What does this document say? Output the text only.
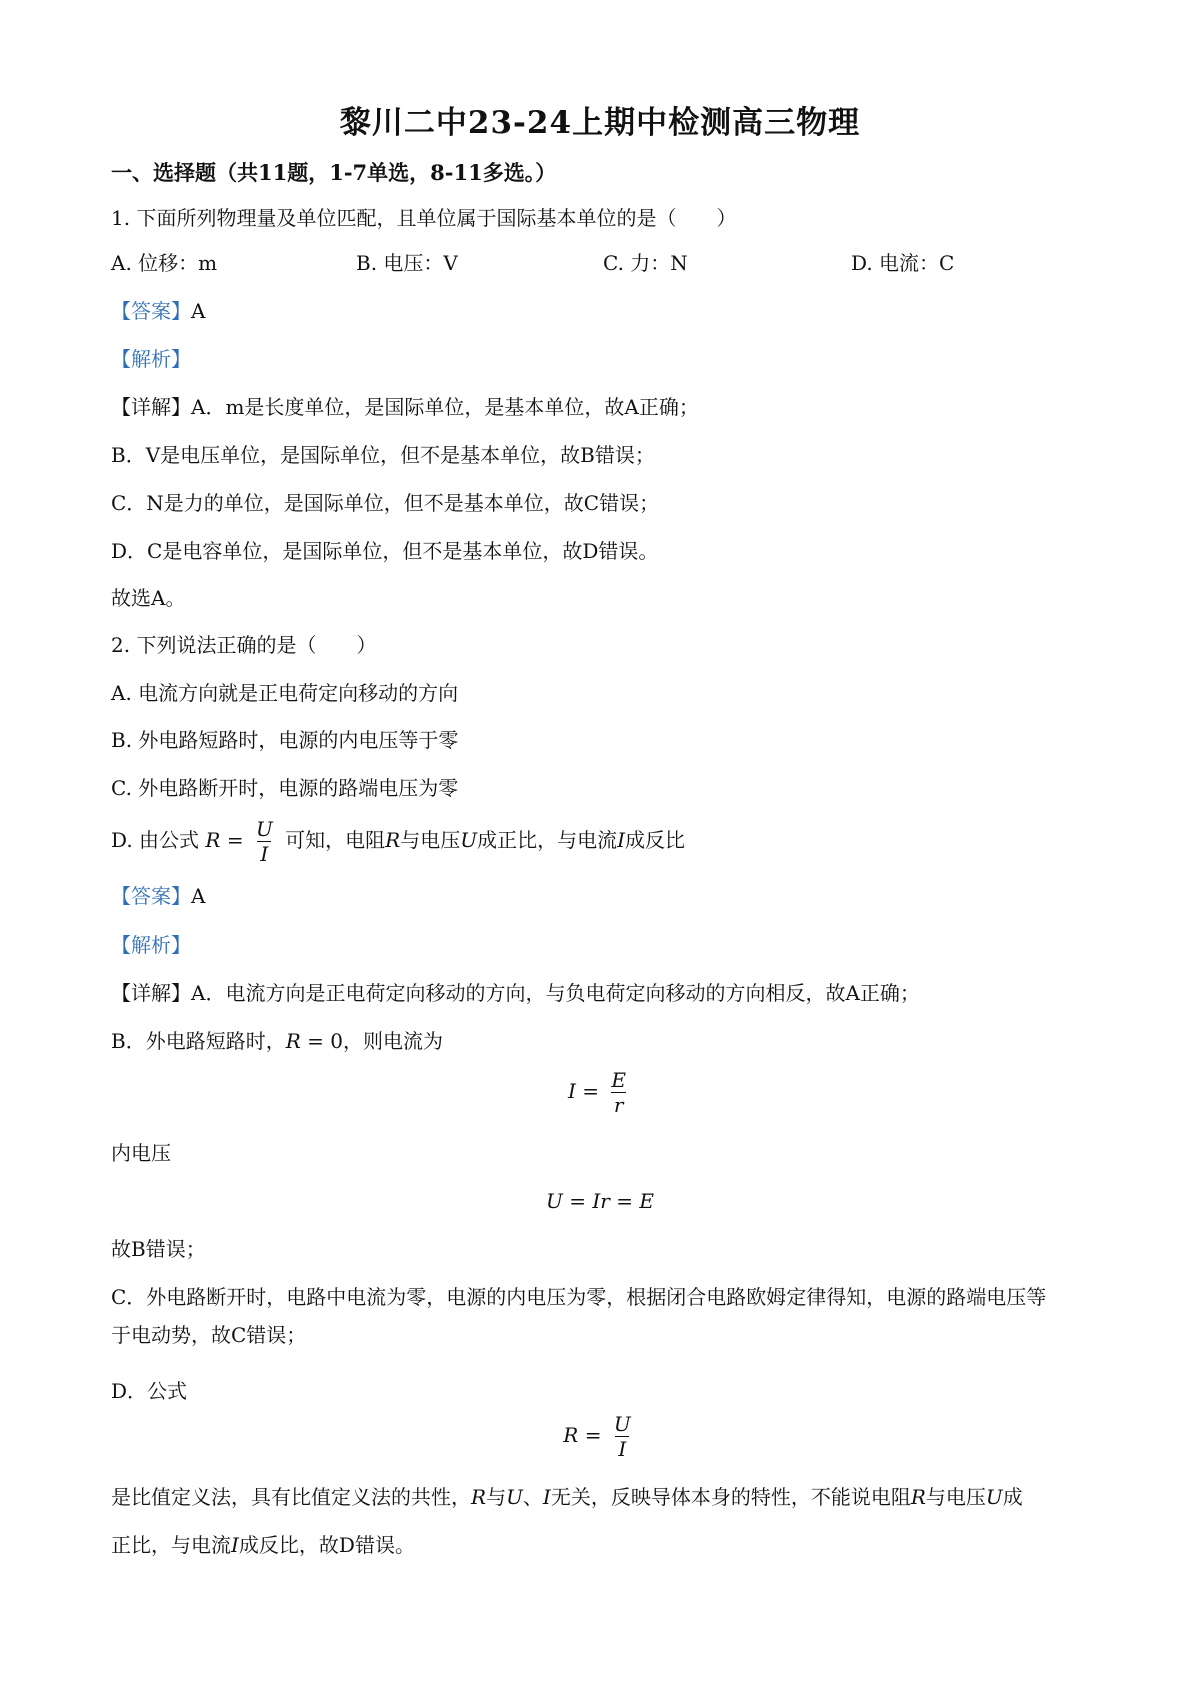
黎川二中23-24上期中检测高三物理

一、选择题（共11题，1-7单选，8-11多选。）

1. 下面所列物理量及单位匹配，且单位属于国际基本单位的是（　　）

A. 位移：m	B. 电压：V	C. 力：N	D. 电流：C

【答案】A

【解析】

【详解】A．m是长度单位，是国际单位，是基本单位，故A正确；

B．V是电压单位，是国际单位，但不是基本单位，故B错误；

C．N是力的单位，是国际单位，但不是基本单位，故C错误；

D．C是电容单位，是国际单位，但不是基本单位，故D错误。

故选A。

2. 下列说法正确的是（　　）

A. 电流方向就是正电荷定向移动的方向

B. 外电路短路时，电源的内电压等于零

C. 外电路断开时，电源的路端电压为零

D. 由公式 $R = \frac{U}{I}$ 可知，电阻R与电压U成正比，与电流I成反比

【答案】A

【解析】

【详解】A．电流方向是正电荷定向移动的方向，与负电荷定向移动的方向相反，故A正确；

B．外电路短路时，R = 0，则电流为

$I = \frac{E}{r}$

内电压

U = Ir = E

故B错误；

C．外电路断开时，电路中电流为零，电源的内电压为零，根据闭合电路欧姆定律得知，电源的路端电压等

于电动势，故C错误；

D．公式

$R = \frac{U}{I}$

是比值定义法，具有比值定义法的共性，R与U、I无关，反映导体本身的特性，不能说电阻R与电压U成

正比，与电流I成反比，故D错误。
